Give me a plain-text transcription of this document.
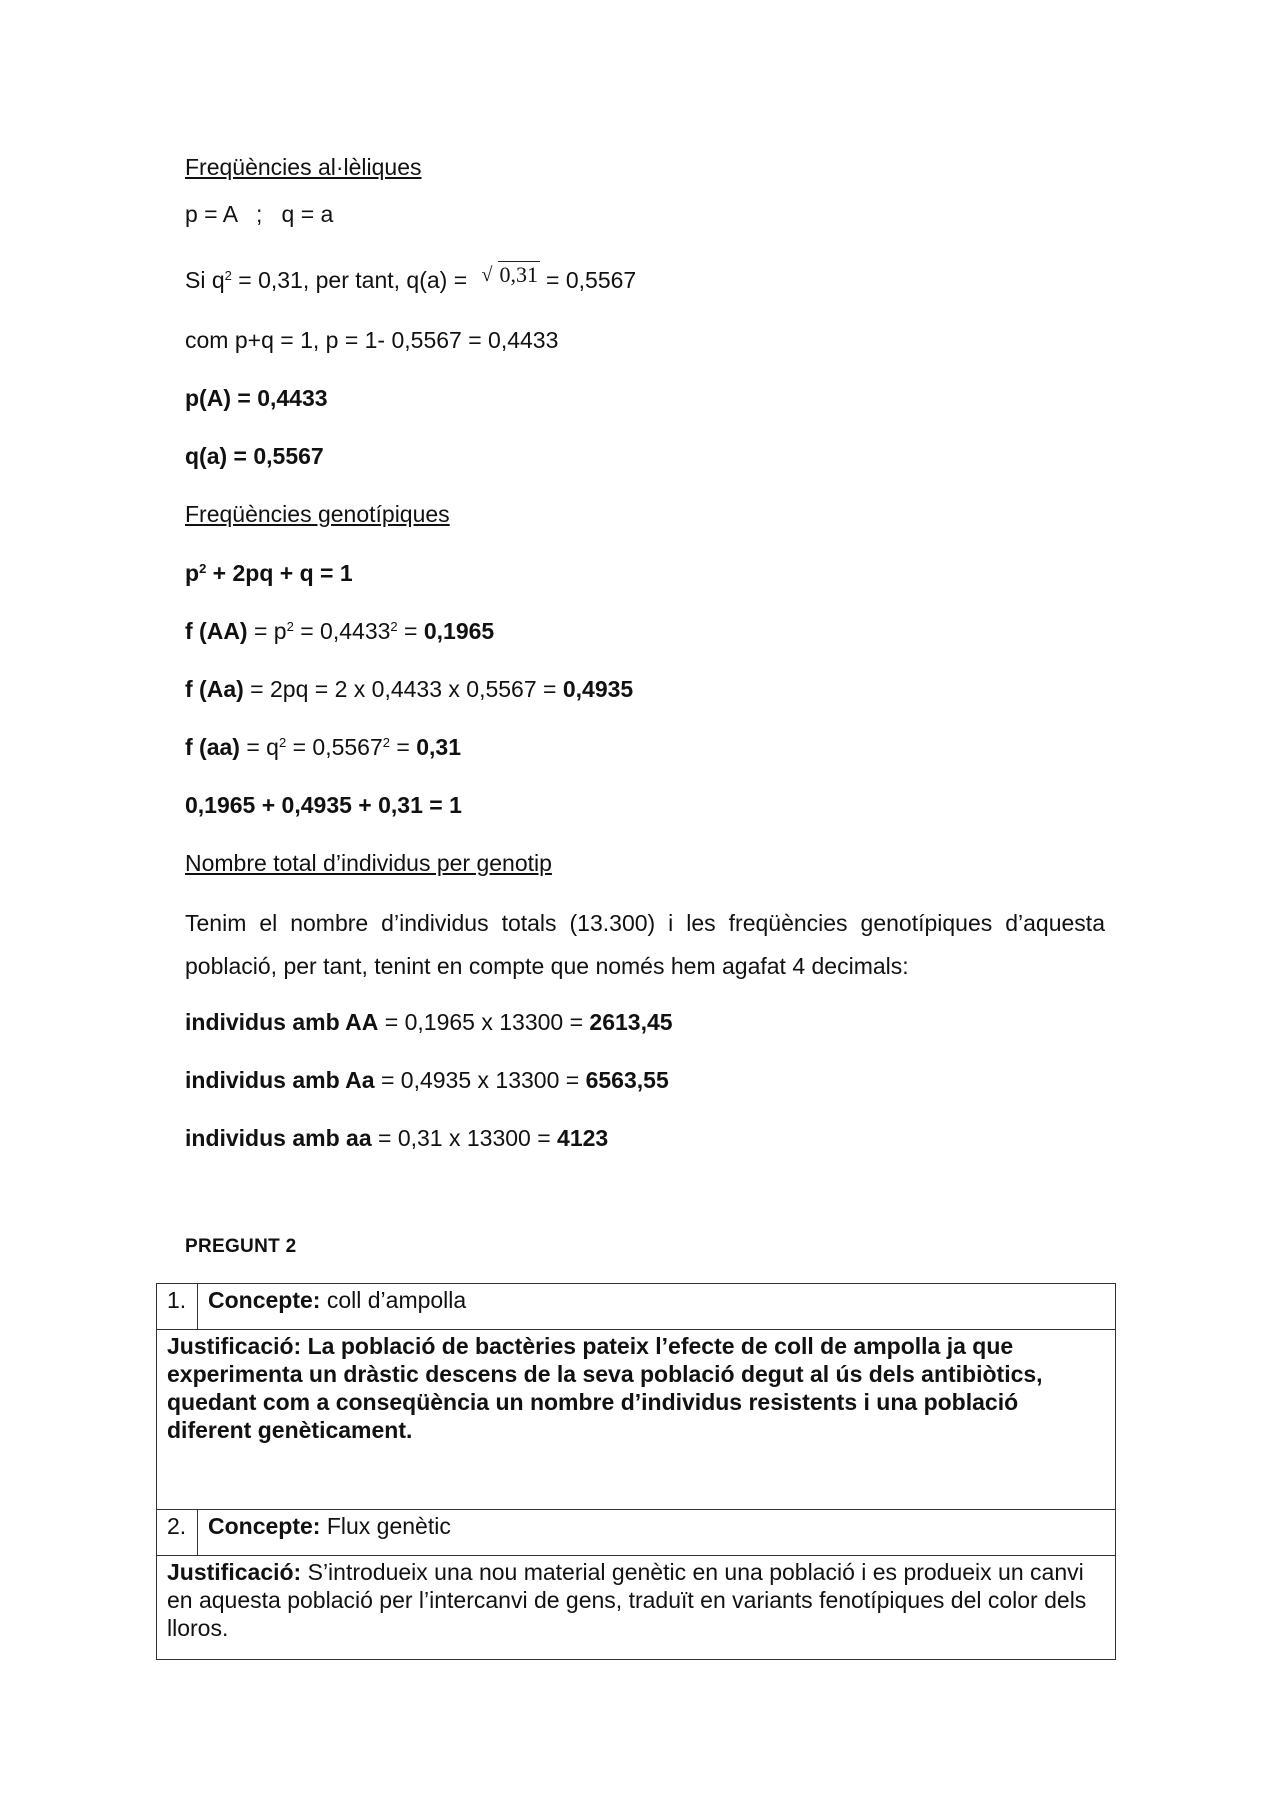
Freqüències al·lèliques
p = A   ;   q = a
Si $q^2 = 0,31$, per tant, q(a) = √ 0,31 = 0,5567
com p+q = 1, p = 1- 0,5567 = 0,4433
p(A) = 0,4433
q(a) = 0,5567
Freqüències genotípiques
$p^2 + 2pq + q = 1$
f $(AA) = p^2 = 0,4433^2 = 0,1965$
f (Aa) = 2pq = 2 x 0,4433 x 0,5567 = 0,4935
f $(aa) = q^2 = 0,5567^2 = 0,31$
0,1965 + 0,4935 + 0,31 = 1
Nombre total d’individus per genotip
Tenim el nombre d’individus totals (13.300) i les freqüències genotípiques d’aquesta població, per tant, tenint en compte que només hem agafat 4 decimals:
individus amb AA = 0,1965 x 13300 = 2613,45
individus amb Aa = 0,4935 x 13300 = 6563,55
individus amb aa = 0,31 x 13300 = 4123
PREGUNT 2
1.	Concepte: coll d’ampolla
Justificació: La població de bactèries pateix l’efecte de coll de ampolla ja que experimenta un dràstic descens de la seva població degut al ús dels antibiòtics, quedant com a conseqüència un nombre d’individus resistents i una població diferent genèticament.	
2.	Concepte: Flux genètic
Justificació: S’introdueix una nou material genètic en una població i es produeix un canvi en aquesta població per l’intercanvi de gens, traduït en variants fenotípiques del color dels lloros.	
